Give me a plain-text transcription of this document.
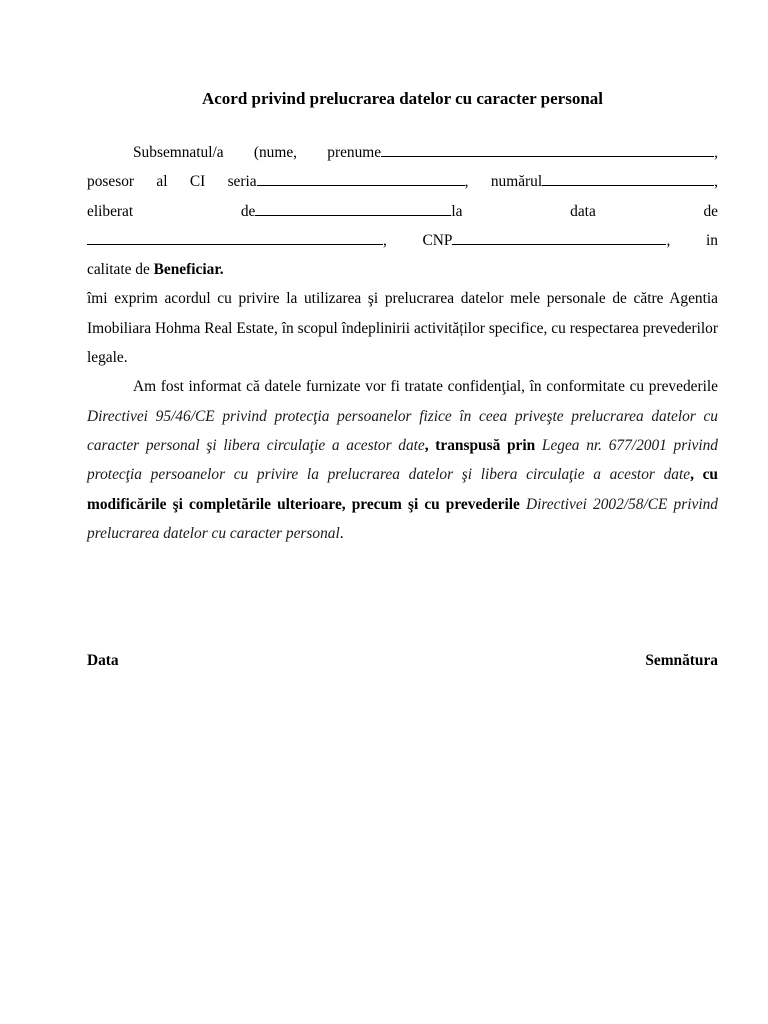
Acord privind prelucrarea datelor cu caracter personal
Subsemnatul/a (nume, prenume	,
posesor al CI seria	, numărul	,
eliberat	de	la	data	de
, CNP	, in
calitate de Beneficiar.
îmi exprim acordul cu privire la utilizarea şi prelucrarea datelor mele personale de către Agentia Imobiliara Hohma Real Estate, în scopul îndeplinirii activităților specifice, cu respectarea prevederilor legale.
Am fost informat că datele furnizate vor fi tratate confidenţial, în conformitate cu prevederile Directivei 95/46/CE privind protecţia persoanelor fizice în ceea priveşte prelucrarea datelor cu caracter personal şi libera circulaţie a acestor date, transpusă prin Legea nr. 677/2001 privind protecţia persoanelor cu privire la prelucrarea datelor şi libera circulaţie a acestor date, cu modificările şi completările ulterioare, precum şi cu prevederile Directivei 2002/58/CE privind prelucrarea datelor cu caracter personal.
Data	Semnătura
